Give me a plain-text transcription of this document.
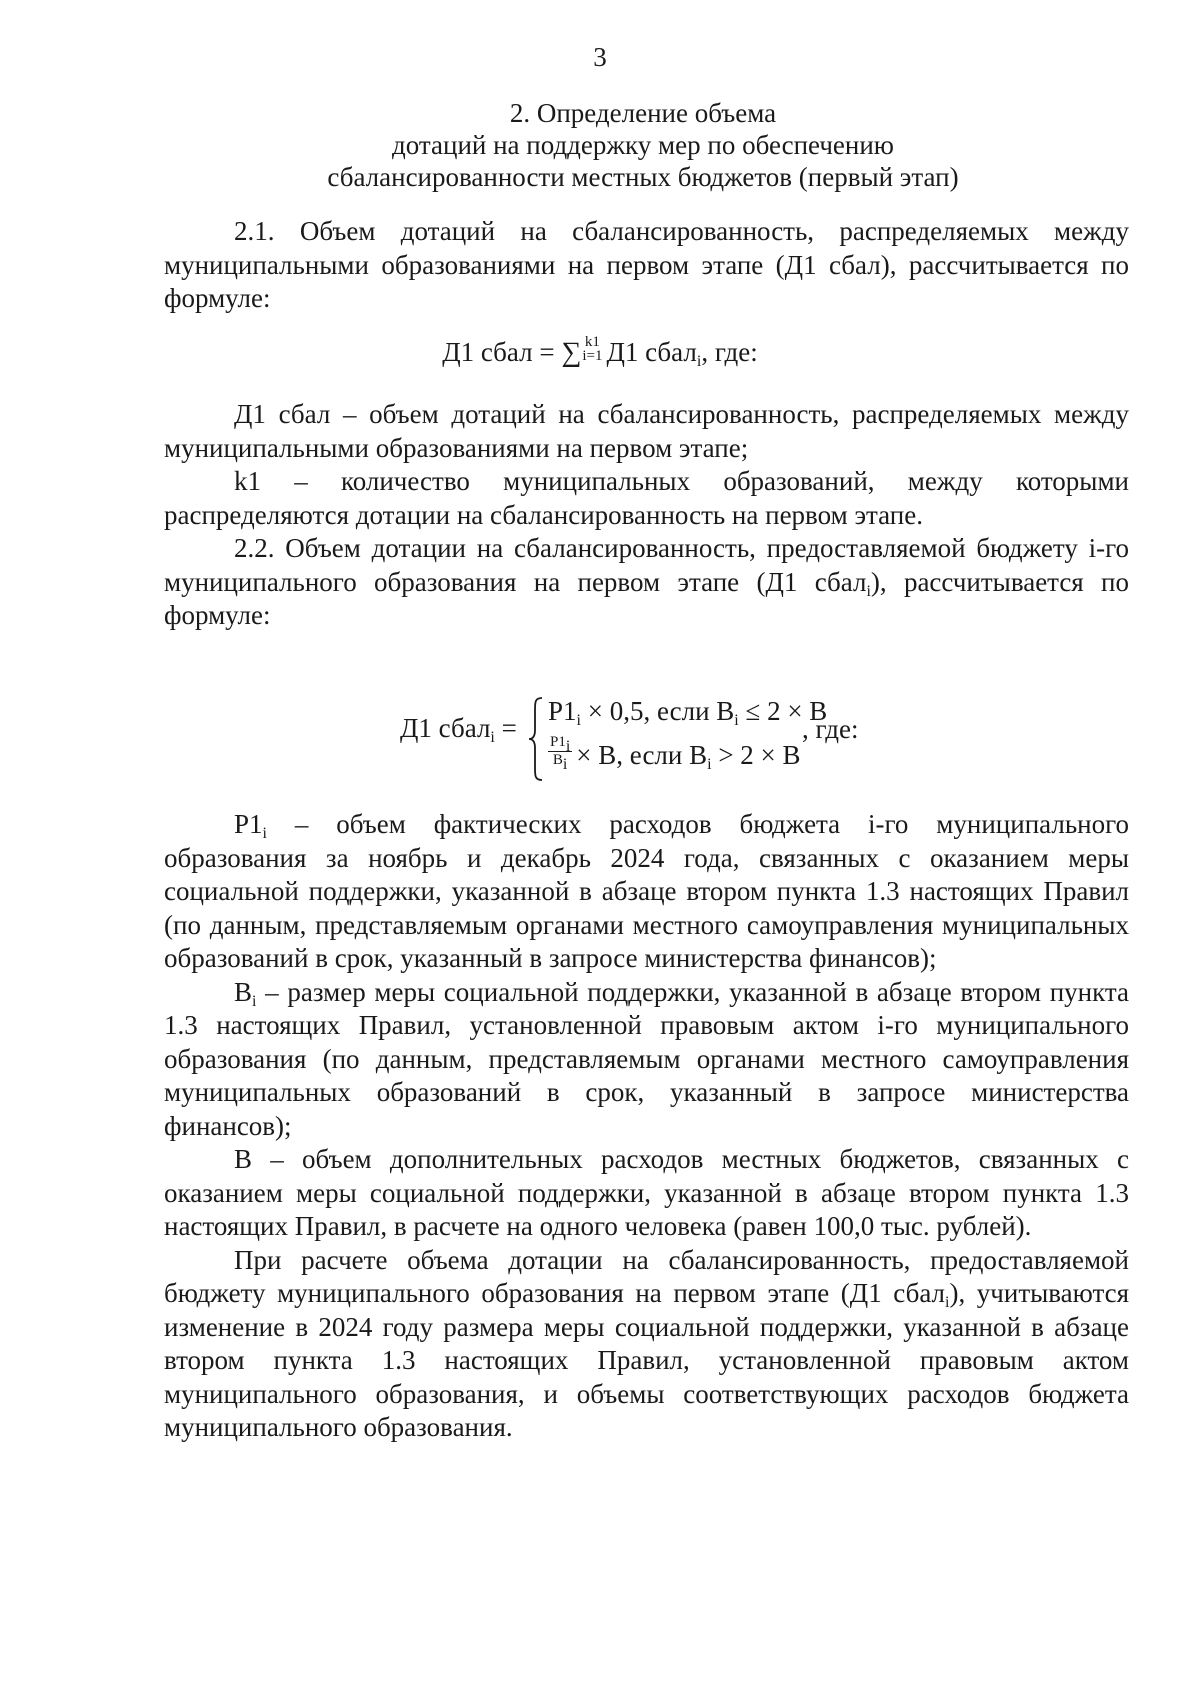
3
2. Определение объема
дотаций на поддержку мер по обеспечению
сбалансированности местных бюджетов (первый этап)

2.1. Объем дотаций на сбалансированность, распределяемых между муниципальными образованиями на первом этапе (Д1 сбал), рассчитывается по формуле:

Д1 сбал = ∑ k1
i=1 Д1 сбал$_i$, где:

Д1 сбал – объем дотаций на сбалансированность, распределяемых между муниципальными образованиями на первом этапе;

k1 – количество муниципальных образований, между которыми распределяются дотации на сбалансированность на первом этапе.

2.2. Объем дотации на сбалансированность, предоставляемой бюджету i-го муниципального образования на первом этапе (Д1 сбал$_i$), рассчитывается по формуле:

Д1 сбал$_i$ =
$P1_i \times 0,5$, если $B_i \le 2 \times B$
$\frac{P1_i}{B_i} \times B$, если $B_i > 2 \times B$
, где:

$P1_i$ – объем фактических расходов бюджета i-го муниципального образования за ноябрь и декабрь 2024 года, связанных с оказанием меры социальной поддержки, указанной в абзаце втором пункта 1.3 настоящих Правил (по данным, представляемым органами местного самоуправления муниципальных образований в срок, указанный в запросе министерства финансов);

$B_i$ – размер меры социальной поддержки, указанной в абзаце втором пункта 1.3 настоящих Правил, установленной правовым актом i-го муниципального образования (по данным, представляемым органами местного самоуправления муниципальных образований в срок, указанный в запросе министерства финансов);

B – объем дополнительных расходов местных бюджетов, связанных с оказанием меры социальной поддержки, указанной в абзаце втором пункта 1.3 настоящих Правил, в расчете на одного человека (равен 100,0 тыс. рублей).

При расчете объема дотации на сбалансированность, предоставляемой бюджету муниципального образования на первом этапе (Д1 сбал$_i$), учитываются изменение в 2024 году размера меры социальной поддержки, указанной в абзаце втором пункта 1.3 настоящих Правил, установленной правовым актом муниципального образования, и объемы соответствующих расходов бюджета муниципального образования.
